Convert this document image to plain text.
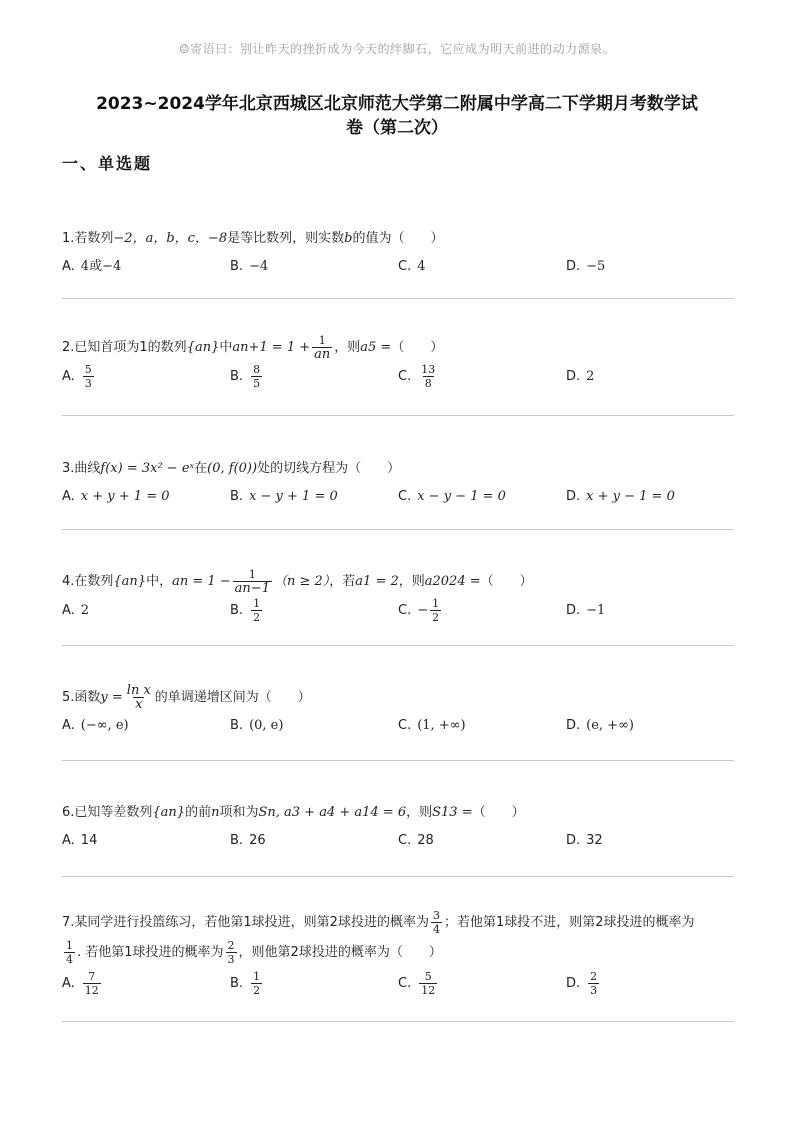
☺寄语曰：别让昨天的挫折成为今天的绊脚石，它应成为明天前进的动力源泉。
2023~2024学年北京西城区北京师范大学第二附属中学高二下学期月考数学试
卷（第二次）
一、单选题
1.若数列−2，a，b，c，−8是等比数列，则实数b的值为（　　）
A. 4或−4	B. −4	C. 4	D. −5
2.已知首项为1的数列{an}中$an+1 = 1 + \frac{1}{an}$ ，则a5 =（　　）
A. $\frac{5}{3}$	B. $\frac{8}{5}$	C. $\frac{13}{8}$	D. 2
3.曲线f(x) = 3x² − eˣ在(0, f(0))处的切线方程为（　　）
A. x + y + 1 = 0	B. x − y + 1 = 0	C. x − y − 1 = 0	D. x + y − 1 = 0
4.在数列{an}中，an = $1 - \frac{1}{an-1} (n \ge 2)$，若a1 = 2，则a2024 =（　　）
A. 2	B. $\frac{1}{2}$	C. − $\frac{1}{2}$	D. −1
5.函数$y = \frac{\text{ln x}}{x}$ 的单调递增区间为（　　）
A. (−∞, e)	B. (0, e)	C. (1, +∞)	D. (e, +∞)
6.已知等差数列{an}的前n项和为Sn, a3 + a4 + a14 = 6，则S13 =（　　）
A. 14	B. 26	C. 28	D. 32
7.某同学进行投篮练习，若他第1球投进，则第2球投进的概率为 $\frac{3}{4}$ ；若他第1球投不进，则第2球投进的概率为

$\frac{1}{4}$ . 若他第1球投进的概率为 $\frac{2}{3}$ ，则他第2球投进的概率为（　　）
A. $\frac{7}{12}$	B. $\frac{1}{2}$	C. $\frac{5}{12}$	D. $\frac{2}{3}$
